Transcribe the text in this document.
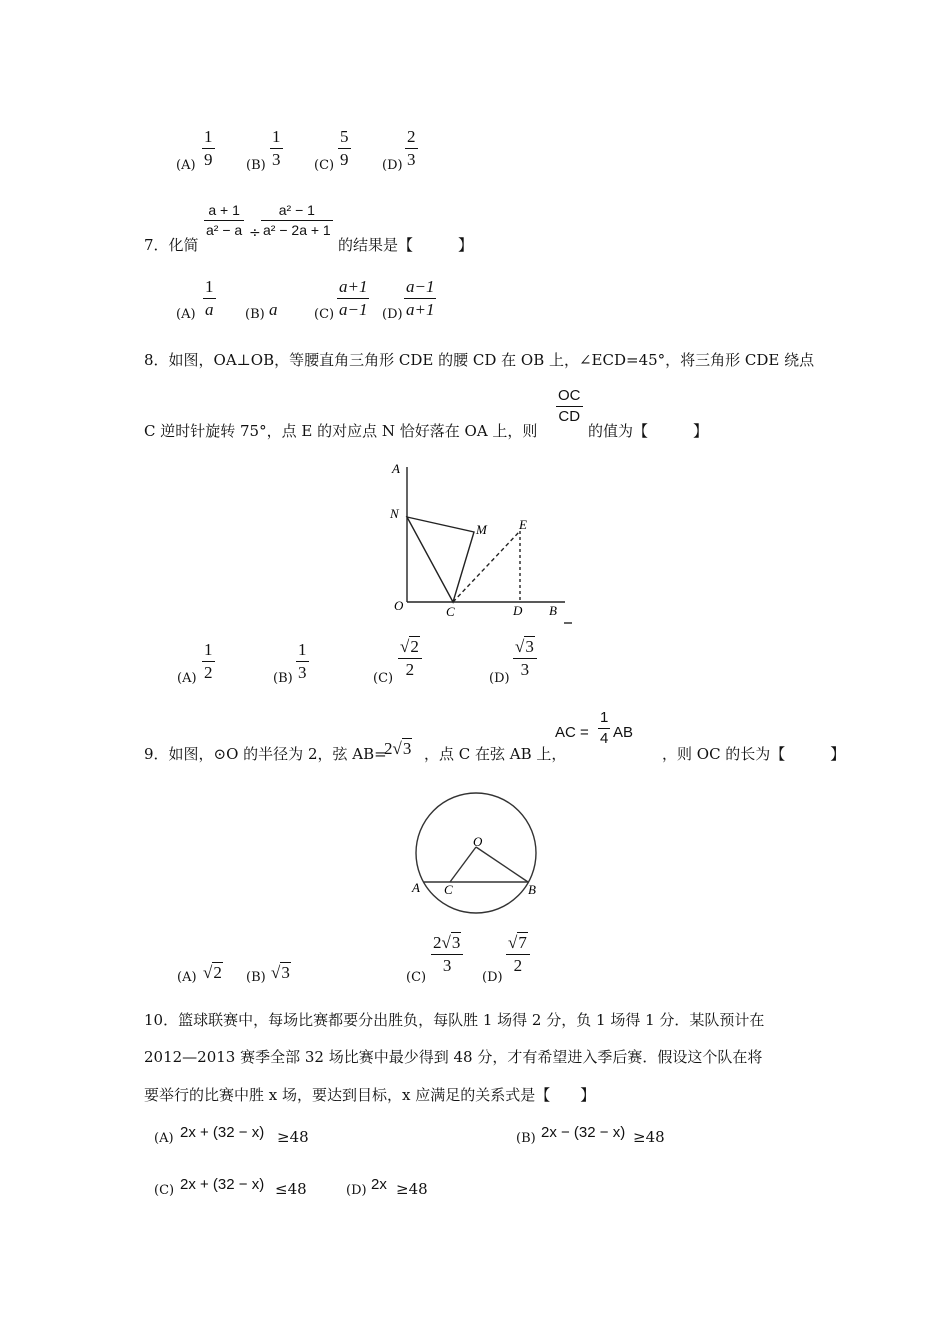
(A)
1
9	(B)
1
3	(C)
5
9	(D)
2
3
7．化简
a + 1
a² − a ÷
a² − 1
a² − 2a + 1
的结果是【　　　】
(A)
1
a (B) a	(C)
a+1
a−1 (D)
a−1
a+1
8．如图，OA⊥OB，等腰直角三角形 CDE 的腰 CD 在 OB 上，∠ECD=45°，将三角形 CDE 绕点
C 逆时针旋转 75°，点 E 的对应点 N 恰好落在 OA 上，则
OC
CD
的值为【　　　】
A
N
M E
O	C	D B
(A)
1
2	(B)
1
3	(C)
√2
2	(D)
√3
3
9．如图，⊙O 的半径为 2，弦 AB=
2√3 ，点 C 在弦 AB 上，
AC =
1
4 AB
，则 OC 的长为【　　　】
O
A C	B
(A) √2 (B) √3	(C)
2√3
3
(D)
√7
2
10．篮球联赛中，每场比赛都要分出胜负，每队胜 1 场得 2 分，负 1 场得 1 分．某队预计在
2012—2013 赛季全部 32 场比赛中最少得到 48 分，才有希望进入季后赛．假设这个队在将
要举行的比赛中胜 x 场，要达到目标，x 应满足的关系式是【　　】
(A) 2x + (32 − x) ≥48	(B) 2x − (32 − x) ≥48
(C) 2x + (32 − x) ≤48	(D) 2x ≥48
